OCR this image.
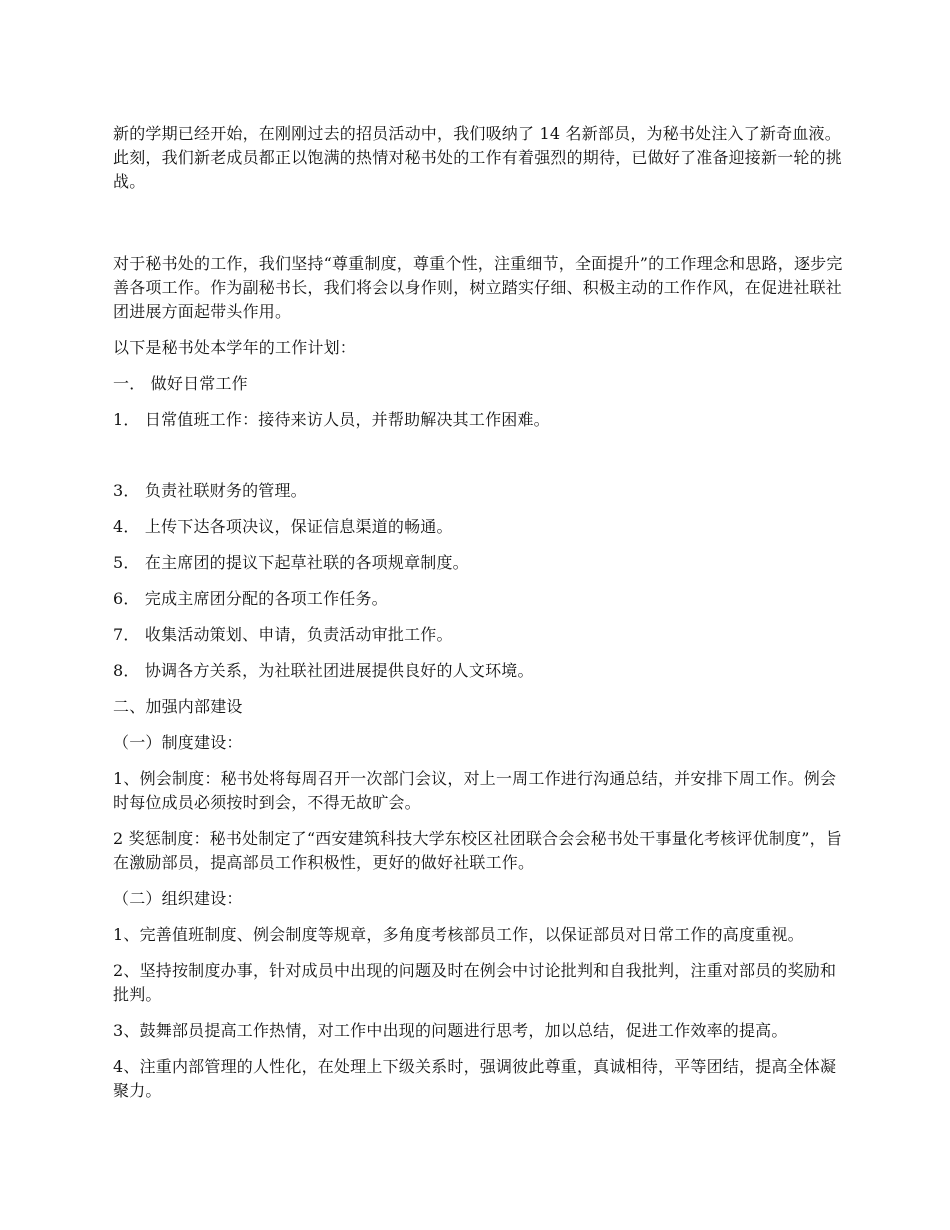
新的学期已经开始，在刚刚过去的招员活动中，我们吸纳了 14 名新部员，为秘书处注入了新奇血液。此刻，我们新老成员都正以饱满的热情对秘书处的工作有着强烈的期待，已做好了准备迎接新一轮的挑战。

对于秘书处的工作，我们坚持“尊重制度，尊重个性，注重细节，全面提升”的工作理念和思路，逐步完善各项工作。作为副秘书长，我们将会以身作则，树立踏实仔细、积极主动的工作作风，在促进社联社团进展方面起带头作用。

以下是秘书处本学年的工作计划：

一． 做好日常工作

1． 日常值班工作：接待来访人员，并帮助解决其工作困难。

3． 负责社联财务的管理。

4． 上传下达各项决议，保证信息渠道的畅通。

5． 在主席团的提议下起草社联的各项规章制度。

6． 完成主席团分配的各项工作任务。

7． 收集活动策划、申请，负责活动审批工作。

8． 协调各方关系，为社联社团进展提供良好的人文环境。

二、加强内部建设

（一）制度建设：

1、例会制度：秘书处将每周召开一次部门会议，对上一周工作进行沟通总结，并安排下周工作。例会时每位成员必须按时到会，不得无故旷会。

2 奖惩制度：秘书处制定了“西安建筑科技大学东校区社团联合会会秘书处干事量化考核评优制度”，旨在激励部员，提高部员工作积极性，更好的做好社联工作。

（二）组织建设：

1、完善值班制度、例会制度等规章，多角度考核部员工作，以保证部员对日常工作的高度重视。

2、坚持按制度办事，针对成员中出现的问题及时在例会中讨论批判和自我批判，注重对部员的奖励和批判。

3、鼓舞部员提高工作热情，对工作中出现的问题进行思考，加以总结，促进工作效率的提高。

4、注重内部管理的人性化，在处理上下级关系时，强调彼此尊重，真诚相待，平等团结，提高全体凝聚力。
